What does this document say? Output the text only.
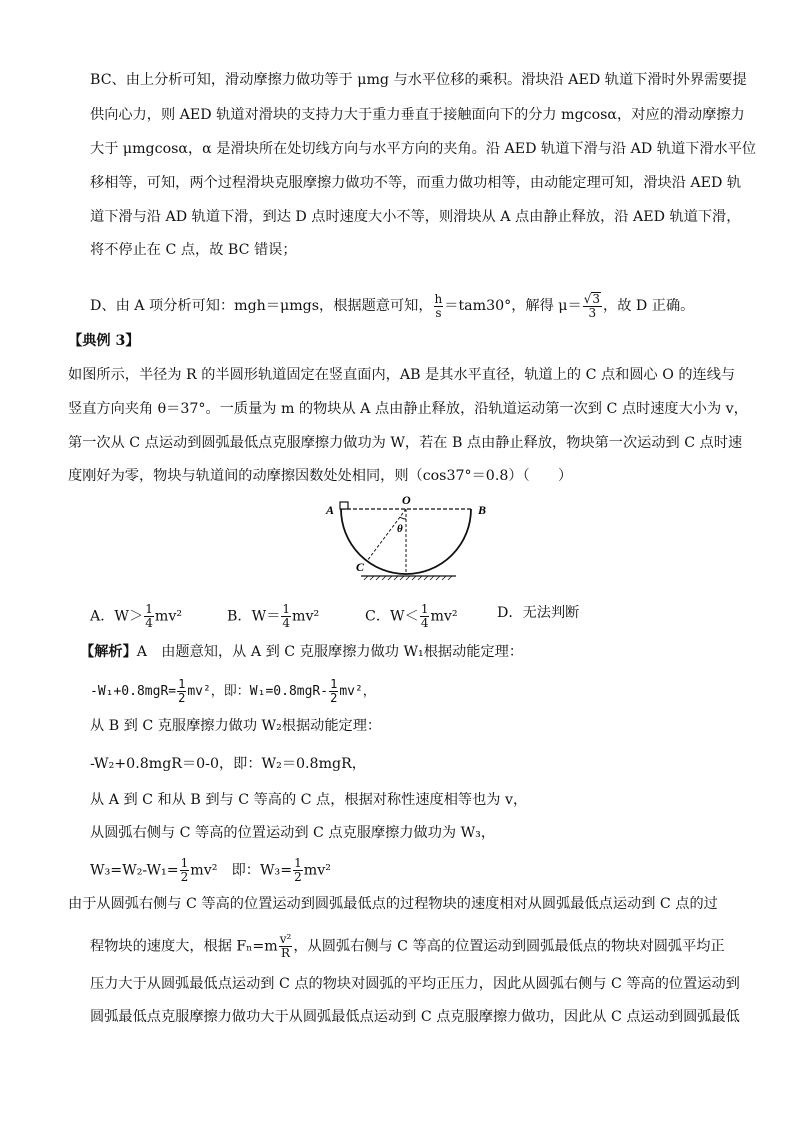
BC、由上分析可知，滑动摩擦力做功等于 μmg 与水平位移的乘积。滑块沿 AED 轨道下滑时外界需要提
供向心力，则 AED 轨道对滑块的支持力大于重力垂直于接触面向下的分力 mgcosα，对应的滑动摩擦力
大于 μmgcosα，α 是滑块所在处切线方向与水平方向的夹角。沿 AED 轨道下滑与沿 AD 轨道下滑水平位
移相等，可知，两个过程滑块克服摩擦力做功不等，而重力做功相等，由动能定理可知，滑块沿 AED 轨
道下滑与沿 AD 轨道下滑，到达 D 点时速度大小不等，则滑块从 A 点由静止释放，沿 AED 轨道下滑，
将不停止在 C 点，故 BC 错误；
D、由 A 项分析可知：mgh＝μmgs，根据题意可知， $\frac{h}{s} =tam30^\circ$，解得 $\mu= \frac{√3}{3}$ ，故 D 正确。
【典例 3】
如图所示，半径为 R 的半圆形轨道固定在竖直面内，AB 是其水平直径，轨道上的 C 点和圆心 O 的连线与
竖直方向夹角 θ＝37°。一质量为 m 的物块从 A 点由静止释放，沿轨道运动第一次到 C 点时速度大小为 v，
第一次从 C 点运动到圆弧最低点克服摩擦力做功为 W，若在 B 点由静止释放，物块第一次运动到 C 点时速
度刚好为零，物块与轨道间的动摩擦因数处处相同，则（cos37°＝0.8）（　　）
A	B
O
C
θ
A．$W> \frac{1}{4} mv^2$	B．$W= \frac{1}{4} mv^2$	C．$W< \frac{1}{4} mv^2$	D．无法判断
【解析】A　由题意知，从 A 到 C 克服摩擦力做功 W₁根据动能定理：
$-W_1+0.8mgR= \frac{1}{2} mv^2$，即：$W_1=0.8mgR- \frac{1}{2} mv^2$，
从 B 到 C 克服摩擦力做功 W₂根据动能定理：
-W₂+0.8mgR＝0-0，即：W₂＝0.8mgR，
从 A 到 C 和从 B 到与 C 等高的 C 点，根据对称性速度相等也为 v，
从圆弧右侧与 C 等高的位置运动到 C 点克服摩擦力做功为 W₃，
$W_3=W_2-W_1= \frac{1}{2} mv^2$　即：$W_3= \frac{1}{2} mv^2$
由于从圆弧右侧与 C 等高的位置运动到圆弧最低点的过程物块的速度相对从圆弧最低点运动到 C 点的过
程物块的速度大，根据 $F_n=m \frac{\text{v²}}{R}$ ，从圆弧右侧与 C 等高的位置运动到圆弧最低点的物块对圆弧平均正
压力大于从圆弧最低点运动到 C 点的物块对圆弧的平均正压力，因此从圆弧右侧与 C 等高的位置运动到
圆弧最低点克服摩擦力做功大于从圆弧最低点运动到 C 点克服摩擦力做功，因此从 C 点运动到圆弧最低
